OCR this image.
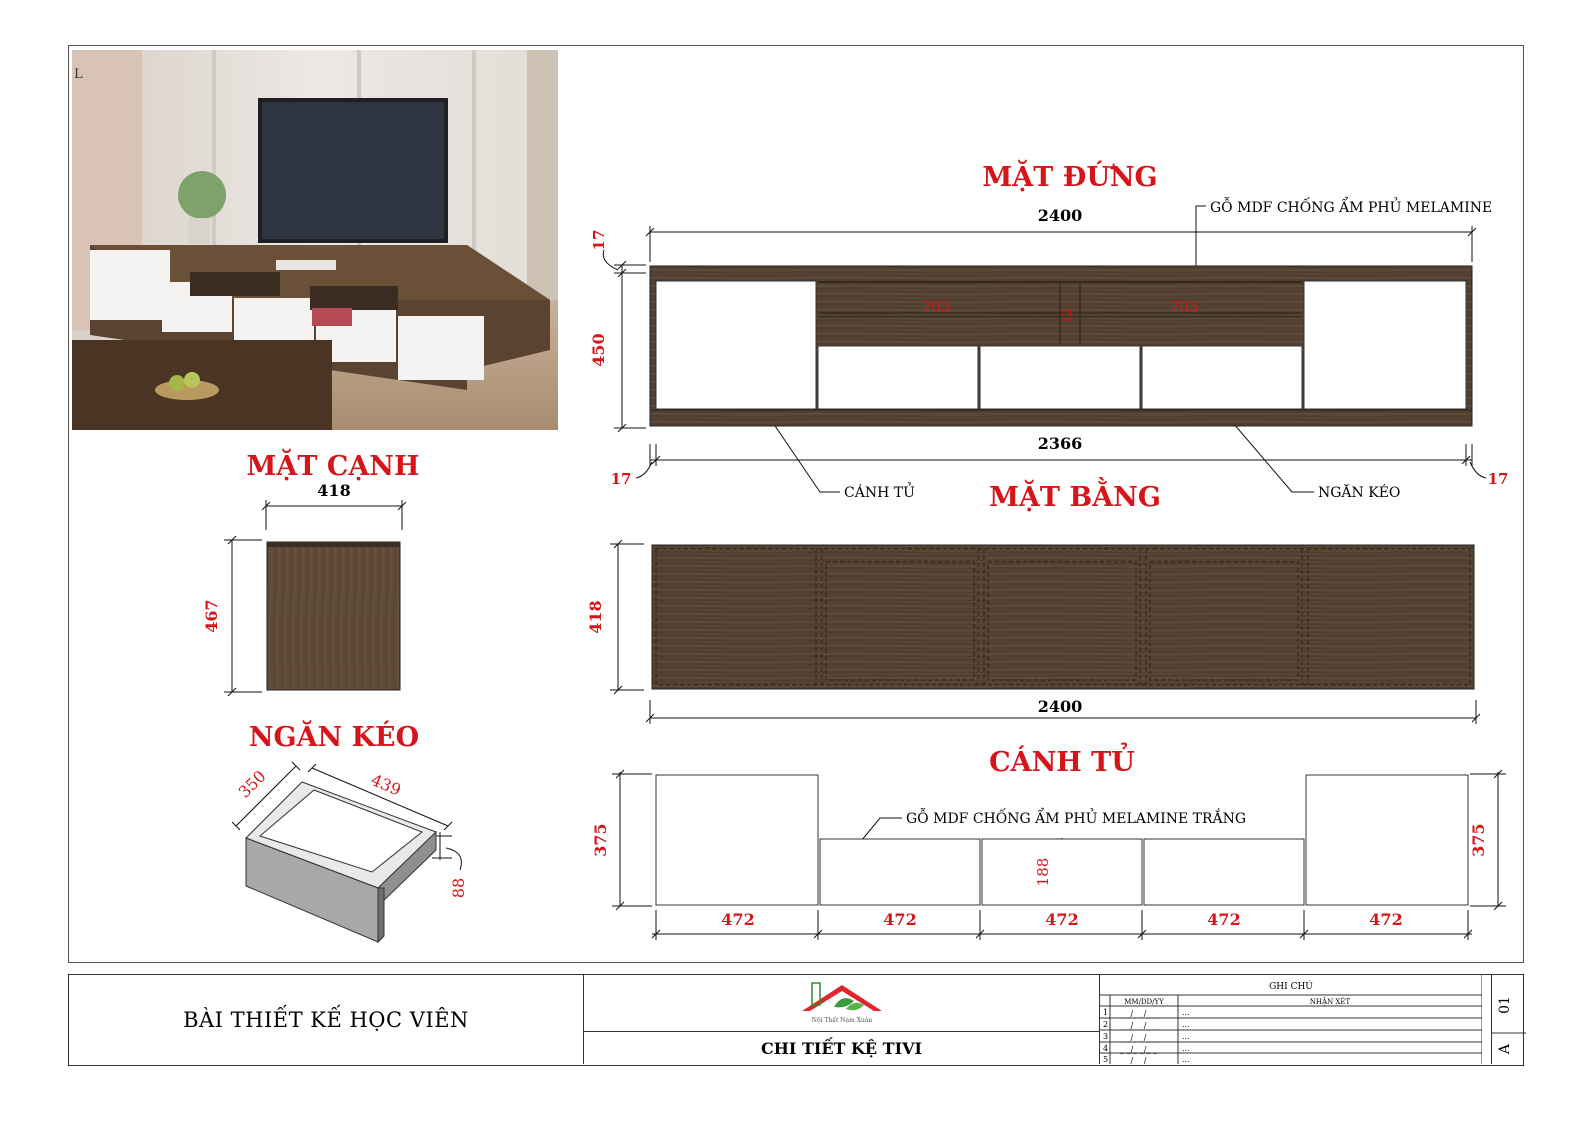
L
MẶT ĐỨNG
MẶT BẰNG
MẶT CẠNH
NGĂN KÉO
CÁNH TỦ
GỖ MDF CHỐNG ẨM PHỦ MELAMINE
2400
2366
450
17
17	17
703	703
12
CÁNH TỦ	NGĂN KÉO
2400
418
418
467
350	439
88
GỖ MDF CHỐNG ẨM PHỦ MELAMINE TRẮNG
375	375
188
472	472	472	472	472
BÀI THIẾT KẾ HỌC VIÊN	Nội Thất Nam Xuân
CHI TIẾT KỆ TIVI
GHI CHÚ
MM/DD/YY	NHẬN XÉT
1 _ _/_ _/_ _	...
2 _ _/_ _/_ _	...
3 _ _/_ _/_ _	...
4 _ _/_ _/_ _	...
5 _ _/_ _/_ _	...
01
A
